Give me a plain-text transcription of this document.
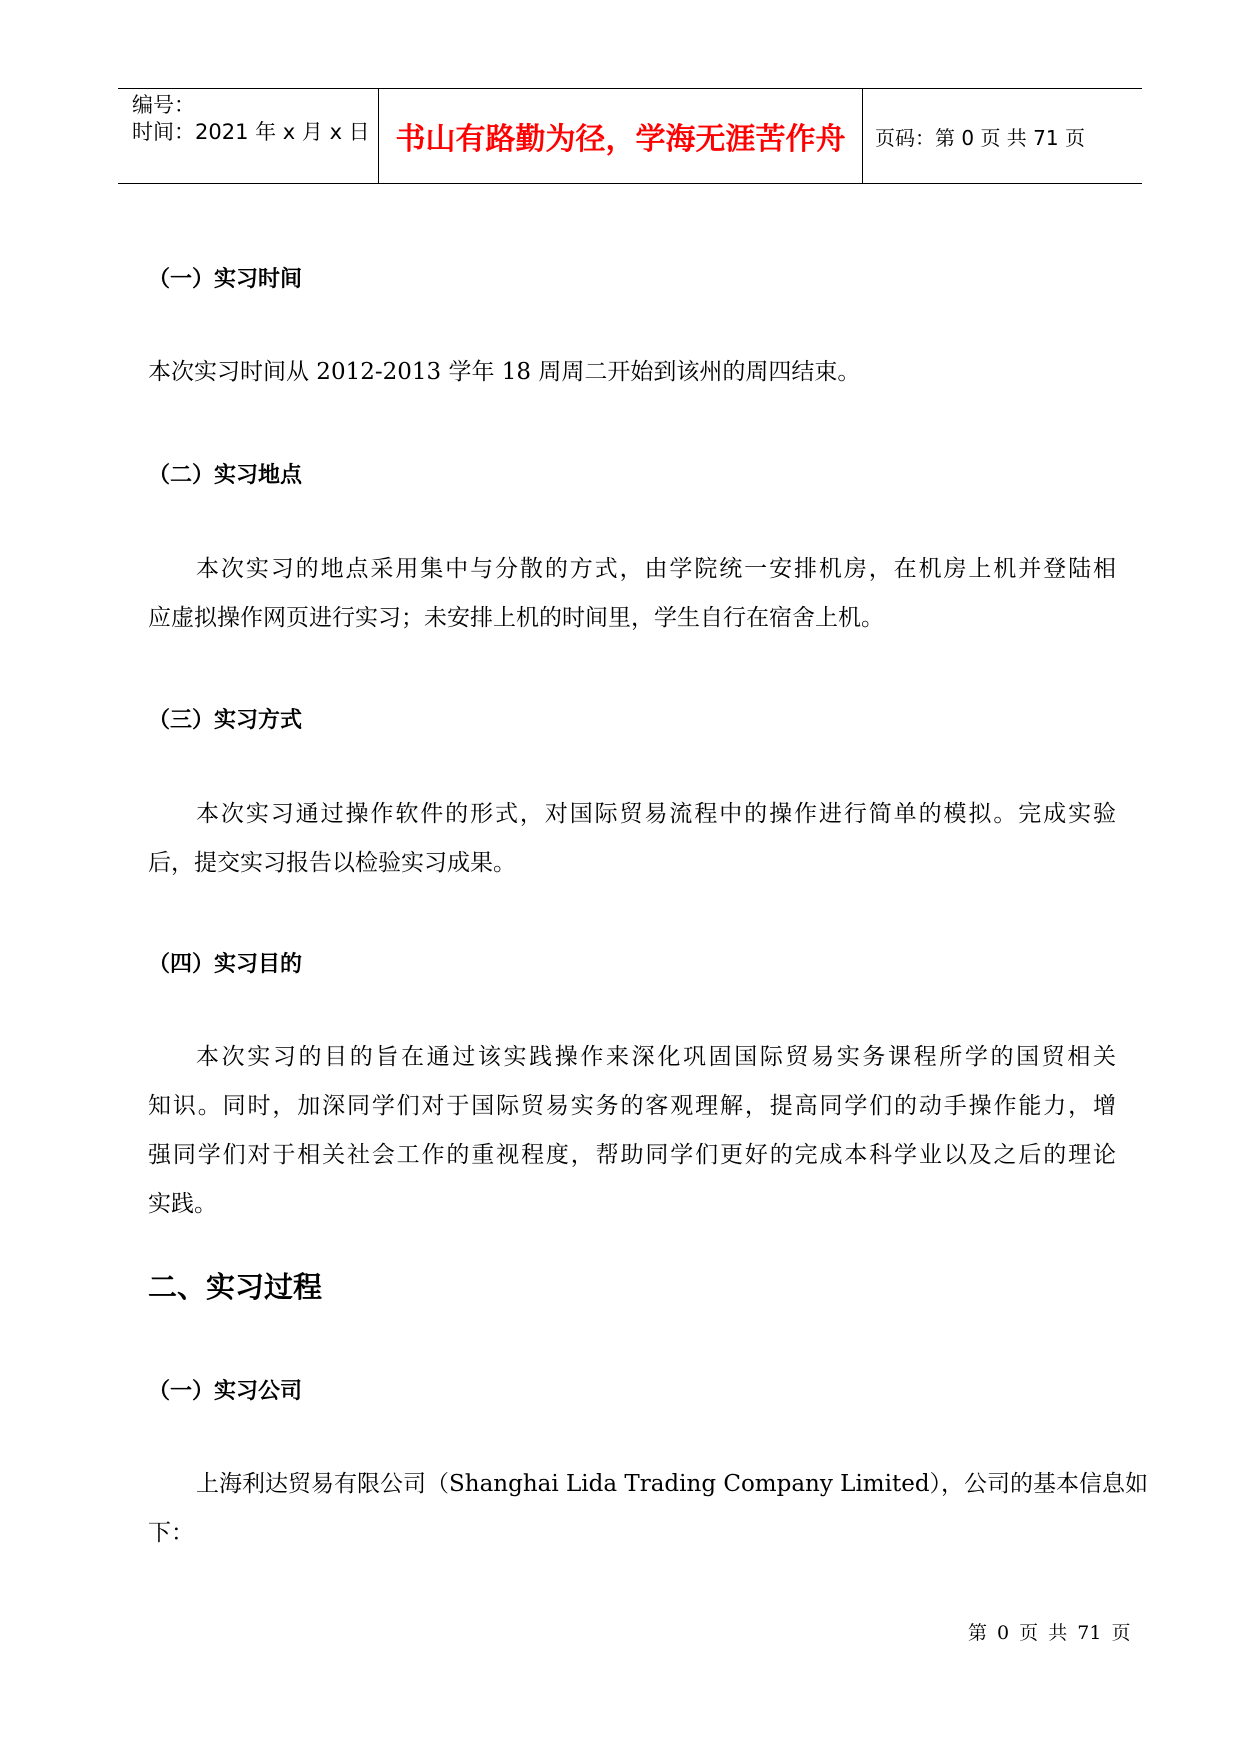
编号：
时间：2021 年 x 月 x 日 书山有路勤为径，学海无涯苦作舟 页码：第 0 页 共 71 页
（一）实习时间
本次实习时间从 2012-2013 学年 18 周周二开始到该州的周四结束。
（二）实习地点
本次实习的地点采用集中与分散的方式，由学院统一安排机房，在机房上机并登陆相
应虚拟操作网页进行实习；未安排上机的时间里，学生自行在宿舍上机。
（三）实习方式
本次实习通过操作软件的形式，对国际贸易流程中的操作进行简单的模拟。完成实验
后，提交实习报告以检验实习成果。
（四）实习目的
本次实习的目的旨在通过该实践操作来深化巩固国际贸易实务课程所学的国贸相关
知识。同时，加深同学们对于国际贸易实务的客观理解，提高同学们的动手操作能力，增
强同学们对于相关社会工作的重视程度，帮助同学们更好的完成本科学业以及之后的理论
实践。
二、实习过程
（一）实习公司
上海利达贸易有限公司（Shanghai Lida Trading Company Limited），公司的基本信息如
下：
第 0 页 共 71 页
